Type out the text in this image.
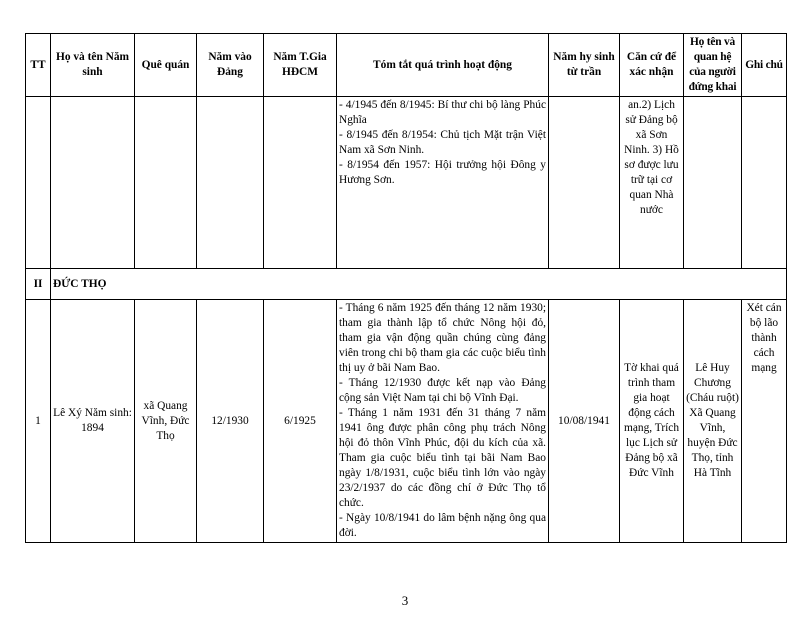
TT	Họ và tên Năm sinh	Quê quán	Năm vào Đảng	Năm T.Gia HĐCM	Tóm tắt quá trình hoạt động	Năm hy sinh từ trần	Căn cứ để xác nhận	Họ tên và quan hệ của người đứng khai	Ghi chú

					- 4/1945 đến 8/1945: Bí thư chi bộ làng Phúc Nghĩa

- 8/1945 đến 8/1954: Chủ tịch Mặt trận Việt Nam xã Sơn Ninh.

- 8/1954 đến 1957: Hội trưởng hội Đông y Hương Sơn.		an.2) Lịch sử Đảng bộ xã Sơn Ninh. 3) Hồ sơ được lưu trữ tại cơ quan Nhà nước		
II	ĐỨC THỌ								
1	Lê Xý Năm sinh: 1894	xã Quang Vĩnh, Đức Thọ	12/1930	6/1925	- Tháng 6 năm 1925 đến tháng 12 năm 1930; tham gia thành lập tổ chức Nông hội đỏ, tham gia vận động quần chúng cùng đảng viên trong chi bộ tham gia các cuộc biểu tình thị uy ở bãi Nam Bao.

- Tháng 12/1930 được kết nạp vào Đảng cộng sản Việt Nam tại chi bộ Vĩnh Đại.

- Tháng 1 năm 1931 đến 31 tháng 7 năm 1941 ông được phân công phụ trách Nông hội đỏ thôn Vĩnh Phúc, đội du kích của xã. Tham gia cuộc biểu tình tại bãi Nam Bao ngày 1/8/1931, cuộc biểu tình lớn vào ngày 23/2/1937 do các đồng chí ở Đức Thọ tổ chức.

- Ngày 10/8/1941 do lâm bệnh nặng ông qua đời.	10/08/1941	Tờ khai quá trình tham gia hoạt động cách mạng, Trích lục Lịch sử Đảng bộ xã Đức Vĩnh	Lê Huy Chương (Cháu ruột) Xã Quang Vĩnh, huyện Đức Thọ, tỉnh Hà Tĩnh	Xét cán bộ lão thành cách mạng
3
